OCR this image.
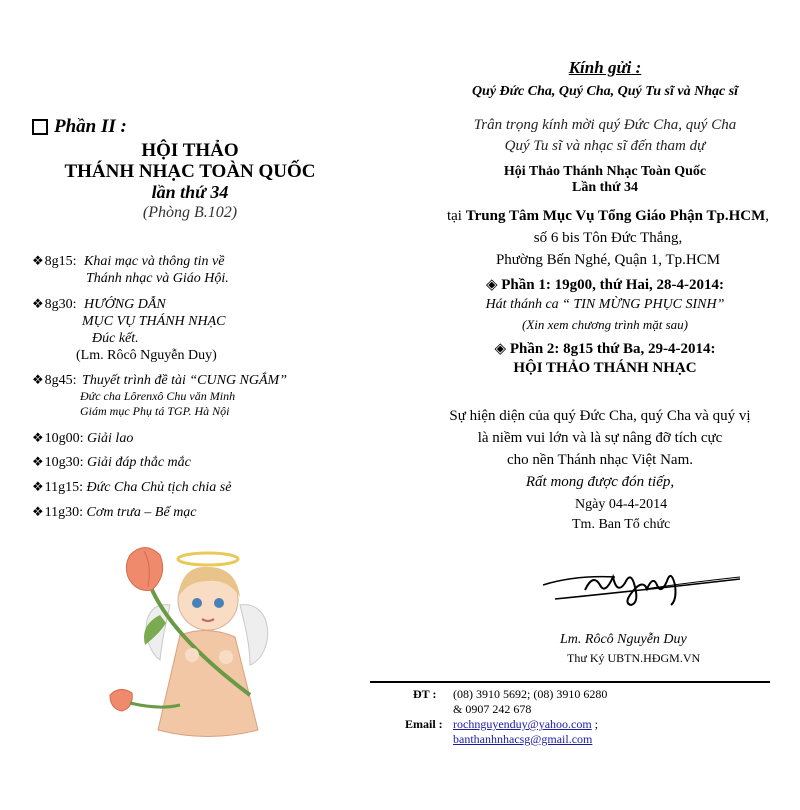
Phần II :
HỘI THẢO
THÁNH NHẠC TOÀN QUỐC
lần thứ 34
(Phòng B.102)
❖8g15: Khai mạc và thông tin về
Thánh nhạc và Giáo Hội.
❖8g30: HƯỚNG DẪN
MỤC VỤ THÁNH NHẠC
Đúc kết.
(Lm. Rôcô Nguyễn Duy)
❖8g45: Thuyết trình đề tài “CUNG NGẮM”
Đức cha Lôrenxô Chu văn Minh
Giám mục Phụ tá TGP. Hà Nội
❖10g00: Giải lao
❖10g30: Giải đáp thắc mắc
❖11g15: Đức Cha Chủ tịch chia sẻ
❖11g30: Cơm trưa – Bế mạc
Kính gửi :
Quý Đức Cha, Quý Cha, Quý Tu sĩ và Nhạc sĩ
Trân trọng kính mời quý Đức Cha, quý Cha
Quý Tu sĩ và nhạc sĩ đến tham dự
Hội Thảo Thánh Nhạc Toàn Quốc
Lần thứ 34
tại Trung Tâm Mục Vụ Tổng Giáo Phận Tp.HCM,
số 6 bis Tôn Đức Thắng,
Phường Bến Nghé, Quận 1, Tp.HCM
◈ Phần 1: 19g00, thứ Hai, 28-4-2014:
Hát thánh ca “ TIN MỪNG PHỤC SINH”
(Xin xem chương trình mặt sau)
◈ Phần 2: 8g15 thứ Ba, 29-4-2014:
HỘI THẢO THÁNH NHẠC
Sự hiện diện của quý Đức Cha, quý Cha và quý vị
là niềm vui lớn và là sự nâng đỡ tích cực
cho nền Thánh nhạc Việt Nam.
Rất mong được đón tiếp,
Ngày 04-4-2014
Tm. Ban Tổ chức
Lm. Rôcô Nguyễn Duy
Thư Ký UBTN.HĐGM.VN
ĐT : (08) 3910 5692; (08) 3910 6280
& 0907 242 678
Email : rochnguyenduy@yahoo.com ;
banthanhnhacsg@gmail.com
